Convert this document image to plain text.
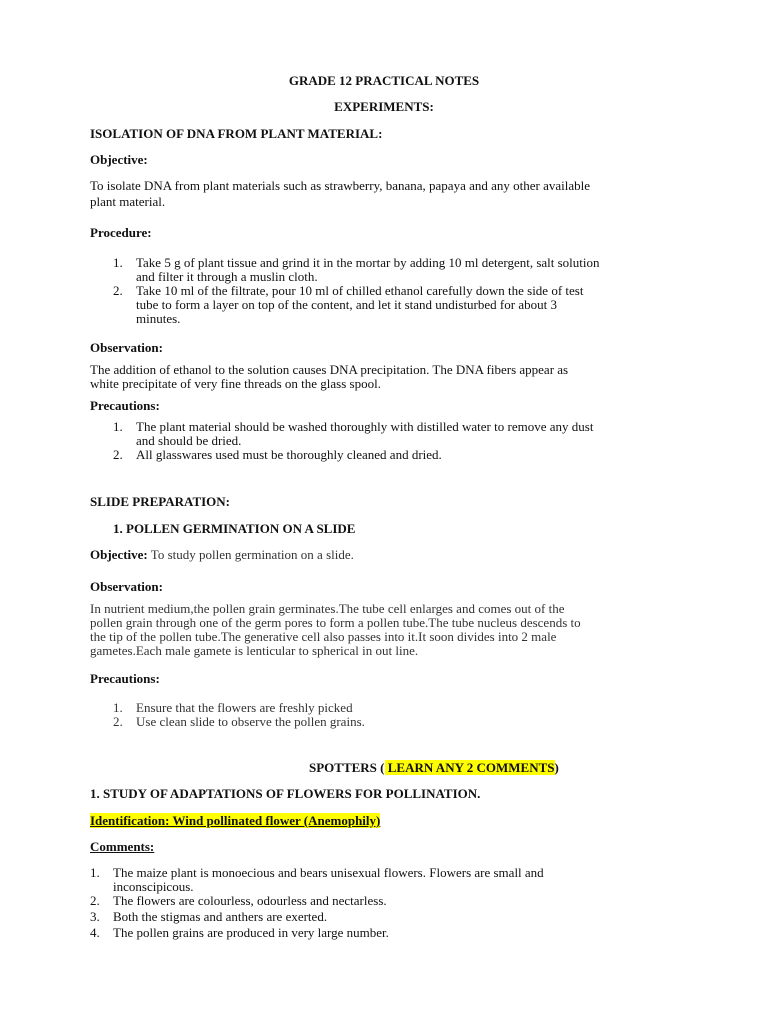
GRADE 12 PRACTICAL NOTES
EXPERIMENTS:
ISOLATION OF DNA FROM PLANT MATERIAL:
Objective:
To isolate DNA from plant materials such as strawberry, banana, papaya and any other available
plant material.
Procedure:
1. Take 5 g of plant tissue and grind it in the mortar by adding 10 ml detergent, salt solution
and filter it through a muslin cloth.
2. Take 10 ml of the filtrate, pour 10 ml of chilled ethanol carefully down the side of test
tube to form a layer on top of the content, and let it stand undisturbed for about 3
minutes.
Observation:
The addition of ethanol to the solution causes DNA precipitation. The DNA fibers appear as
white precipitate of very fine threads on the glass spool.
Precautions:
1. The plant material should be washed thoroughly with distilled water to remove any dust
and should be dried.
2. All glasswares used must be thoroughly cleaned and dried.
SLIDE PREPARATION:
1. POLLEN GERMINATION ON A SLIDE
Objective: To study pollen germination on a slide.
Observation:
In nutrient medium,the pollen grain germinates.The tube cell enlarges and comes out of the
pollen grain through one of the germ pores to form a pollen tube.The tube nucleus descends to
the tip of the pollen tube.The generative cell also passes into it.It soon divides into 2 male
gametes.Each male gamete is lenticular to spherical in out line.
Precautions:
1. Ensure that the flowers are freshly picked
2. Use clean slide to observe the pollen grains.
SPOTTERS ( LEARN ANY 2 COMMENTS)
1. STUDY OF ADAPTATIONS OF FLOWERS FOR POLLINATION.
Identification: Wind pollinated flower (Anemophily)
Comments:
1. The maize plant is monoecious and bears unisexual flowers. Flowers are small and
inconscipicous.
2. The flowers are colourless, odourless and nectarless.
3. Both the stigmas and anthers are exerted.
4. The pollen grains are produced in very large number.
